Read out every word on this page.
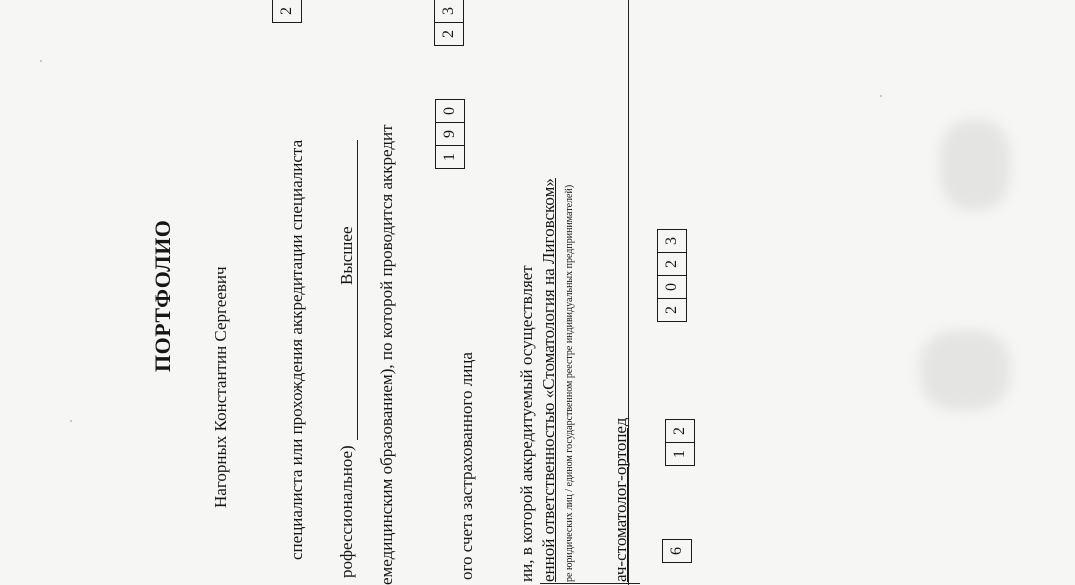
ПОРТФОЛИО Нагорных Константин Сергеевич	специалиста или прохождения аккредитации специалиста
2
рофессиональное)
Высшее емедицинским образованием), по которой проводится аккредит
2
3
1
9
0
ого счета застрахованного лица ии, в которой аккредитуемый осуществляет енной ответственностью «Стоматология на Лиговском» ре юридических лиц / едином государственном реестре индивидуальных предпринимателей) ач-стоматолог-ортопед 6
1
2
2
0
2
3
